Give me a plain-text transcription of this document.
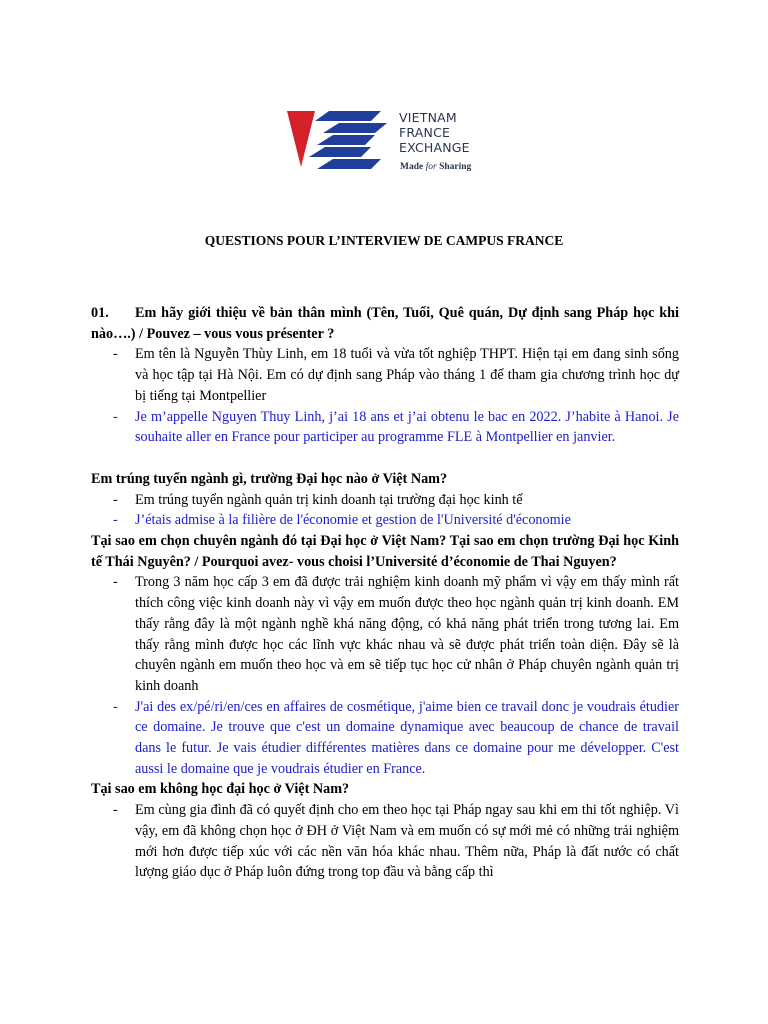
VIETNAM
FRANCE
EXCHANGE
Made for Sharing
QUESTIONS POUR L’INTERVIEW DE CAMPUS FRANCE

01. Em hãy giới thiệu về bản thân mình (Tên, Tuổi, Quê quán, Dự định sang Pháp học khi nào….) / Pouvez – vous vous présenter ?

- Em tên là Nguyễn Thùy Linh, em 18 tuổi và vừa tốt nghiệp THPT. Hiện tại em đang sinh sống và học tập tại Hà Nội. Em có dự định sang Pháp vào tháng 1 để tham gia chương trình học dự bị tiếng tại Montpellier
- Je m’appelle Nguyen Thuy Linh, j’ai 18 ans et j’ai obtenu le bac en 2022. J’habite à Hanoi. Je souhaite aller en France pour participer au programme FLE à Montpellier en janvier.

Em trúng tuyển ngành gì, trường Đại học nào ở Việt Nam?

- Em trúng tuyển ngành quản trị kinh doanh tại trường đại học kinh tế
- J’étais admise à la filière de l'économie et gestion de l'Université d'économie

Tại sao em chọn chuyên ngành đó tại Đại học ở Việt Nam? Tại sao em chọn trường Đại học Kinh tế Thái Nguyên? / Pourquoi avez- vous choisi l’Université d’économie de Thai Nguyen?

- Trong 3 năm học cấp 3 em đã được trải nghiệm kinh doanh mỹ phẩm vì vậy em thấy mình rất thích công việc kinh doanh này vì vậy em muốn được theo học ngành quản trị kinh doanh. EM thấy rằng đây là một ngành nghề khá năng động, có khả năng phát triển trong tương lai. Em thấy rằng mình được học các lĩnh vực khác nhau và sẽ được phát triển toàn diện. Đây sẽ là chuyên ngành em muốn theo học và em sẽ tiếp tục học cử nhân ở Pháp chuyên ngành quản trị kinh doanh
- J'ai des ex/pé/ri/en/ces en affaires de cosmétique, j'aime bien ce travail donc je voudrais étudier ce domaine. Je trouve que c'est un domaine dynamique avec beaucoup de chance de travail dans le futur. Je vais étudier différentes matières dans ce domaine pour me développer. C'est aussi le domaine que je voudrais étudier en France.

Tại sao em không học đại học ở Việt Nam?

- Em cùng gia đình đã có quyết định cho em theo học tại Pháp ngay sau khi em thi tốt nghiệp. Vì vậy, em đã không chọn học ở ĐH ở Việt Nam và em muốn có sự mới mẻ có những trải nghiệm mới hơn được tiếp xúc với các nền văn hóa khác nhau. Thêm nữa, Pháp là đất nước có chất lượng giáo dục ở Pháp luôn đứng trong top đầu và bằng cấp thì
